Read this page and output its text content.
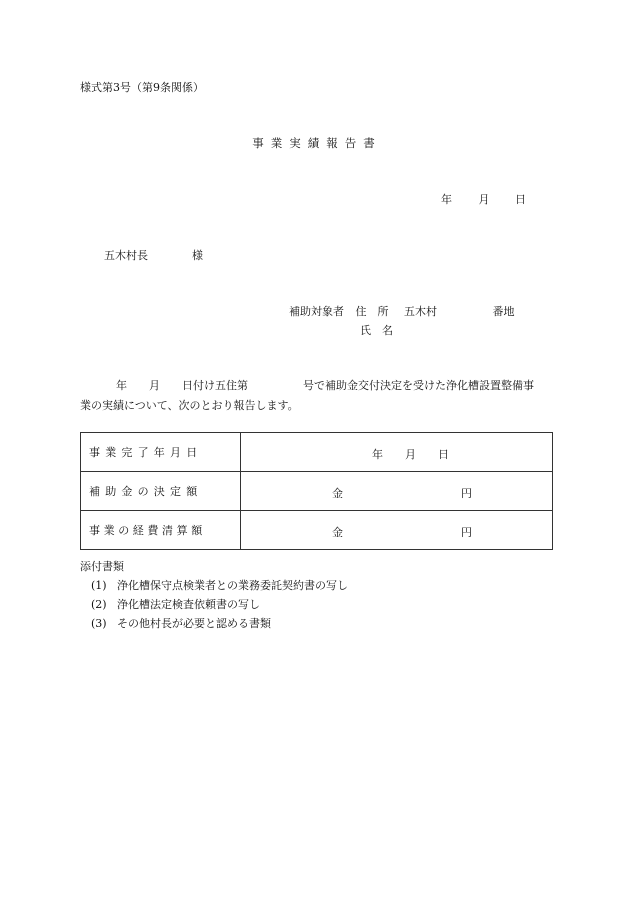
様式第3号（第9条関係）
事業実績報告書
年 月 日
五木村長	様
補助対象者 住　所 五木村	番地
氏　名
年　　月　　日付け五住第　　　　　号で補助金交付決定を受けた浄化槽設置整備事
業の実績について、次のとおり報告します。
事業完了年月日	年　　月　　日

補助金の決定額	金 円

事業の経費清算額	金 円
添付書類
(1) 浄化槽保守点検業者との業務委託契約書の写し
(2) 浄化槽法定検査依頼書の写し
(3) その他村長が必要と認める書類
